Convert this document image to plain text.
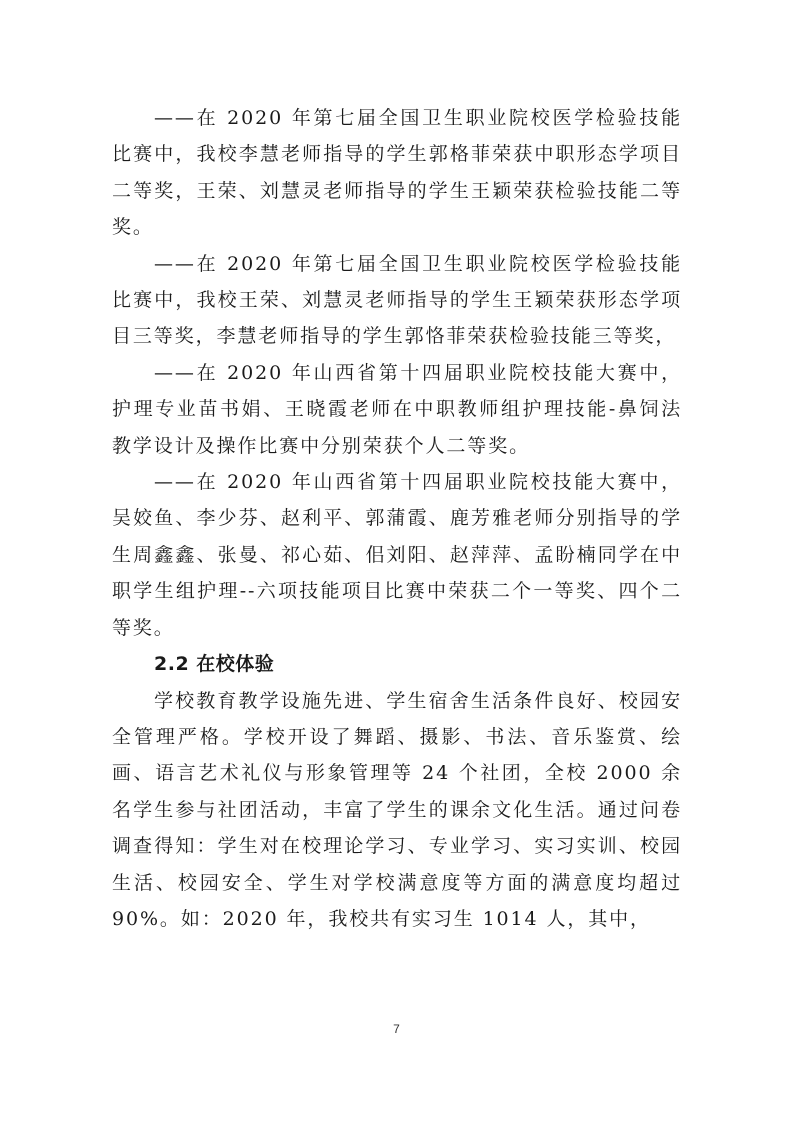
——在 2020 年第七届全国卫生职业院校医学检验技能比赛中，我校李慧老师指导的学生郭格菲荣获中职形态学项目二等奖，王荣、刘慧灵老师指导的学生王颖荣获检验技能二等奖。

——在 2020 年第七届全国卫生职业院校医学检验技能比赛中，我校王荣、刘慧灵老师指导的学生王颖荣获形态学项目三等奖，李慧老师指导的学生郭恪菲荣获检验技能三等奖，

——在 2020 年山西省第十四届职业院校技能大赛中，护理专业苗书娟、王晓霞老师在中职教师组护理技能-鼻饲法教学设计及操作比赛中分别荣获个人二等奖。

——在 2020 年山西省第十四届职业院校技能大赛中，吴姣鱼、李少芬、赵利平、郭蒲霞、鹿芳雅老师分别指导的学生周鑫鑫、张曼、祁心茹、佀刘阳、赵萍萍、孟盼楠同学在中职学生组护理--六项技能项目比赛中荣获二个一等奖、四个二等奖。

2.2 在校体验

学校教育教学设施先进、学生宿舍生活条件良好、校园安全管理严格。学校开设了舞蹈、摄影、书法、音乐鉴赏、绘画、语言艺术礼仪与形象管理等 24 个社团，全校 2000 余名学生参与社团活动，丰富了学生的课余文化生活。通过问卷调查得知：学生对在校理论学习、专业学习、实习实训、校园生活、校园安全、学生对学校满意度等方面的满意度均超过 90%。如：2020 年，我校共有实习生 1014 人，其中，

7
